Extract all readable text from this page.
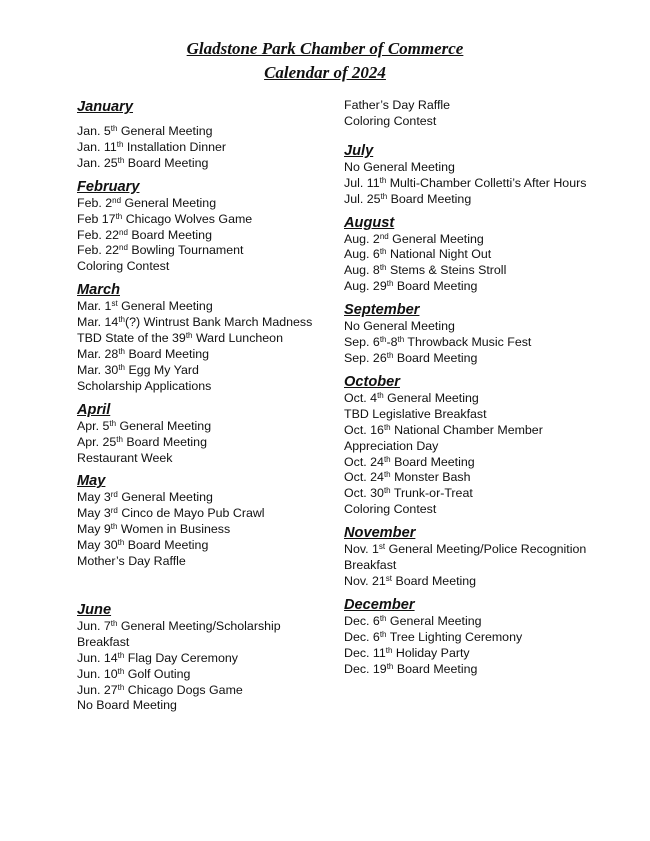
Gladstone Park Chamber of Commerce
Calendar of 2024
January
Jan. 5th General Meeting
Jan. 11th Installation Dinner
Jan. 25th Board Meeting
February
Feb. 2nd General Meeting
Feb 17th Chicago Wolves Game
Feb. 22nd Board Meeting
Feb. 22nd Bowling Tournament
Coloring Contest
March
Mar. 1st General Meeting
Mar. 14th(?) Wintrust Bank March Madness
TBD State of the 39th Ward Luncheon
Mar. 28th Board Meeting
Mar. 30th Egg My Yard
Scholarship Applications
April
Apr. 5th General Meeting
Apr. 25th Board Meeting
Restaurant Week
May
May 3rd General Meeting
May 3rd Cinco de Mayo Pub Crawl
May 9th Women in Business
May 30th Board Meeting
Mother’s Day Raffle
June
Jun. 7th General Meeting/Scholarship Breakfast
Jun. 14th Flag Day Ceremony
Jun. 10th Golf Outing
Jun. 27th Chicago Dogs Game
No Board Meeting
Father’s Day Raffle
Coloring Contest
July
No General Meeting
Jul. 11th Multi-Chamber Colletti’s After Hours
Jul. 25th Board Meeting
August
Aug. 2nd General Meeting
Aug. 6th National Night Out
Aug. 8th Stems & Steins Stroll
Aug. 29th Board Meeting
September
No General Meeting
Sep. 6th-8th Throwback Music Fest
Sep. 26th Board Meeting
October
Oct. 4th General Meeting
TBD Legislative Breakfast
Oct. 16th National Chamber Member Appreciation Day
Oct. 24th Board Meeting
Oct. 24th Monster Bash
Oct. 30th Trunk-or-Treat
Coloring Contest
November
Nov. 1st General Meeting/Police Recognition Breakfast
Nov. 21st Board Meeting
December
Dec. 6th General Meeting
Dec. 6th Tree Lighting Ceremony
Dec. 11th Holiday Party
Dec. 19th Board Meeting
